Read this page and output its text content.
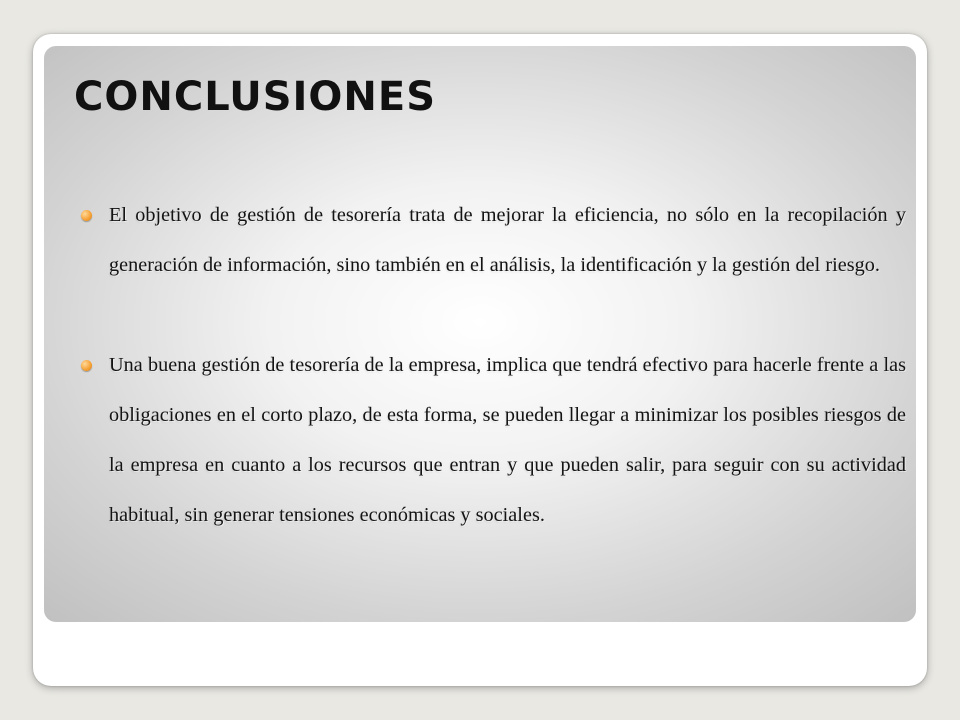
CONCLUSIONES
El objetivo de gestión de tesorería trata de mejorar la eficiencia, no sólo en la recopilación y generación de información, sino también en el análisis, la identificación y la gestión del riesgo.
Una buena gestión de tesorería de la empresa, implica que tendrá efectivo para hacerle frente a las obligaciones en el corto plazo, de esta forma, se pueden llegar a minimizar los posibles riesgos de la empresa en cuanto a los recursos que entran y que pueden salir, para seguir con su actividad habitual, sin generar tensiones económicas y sociales.
